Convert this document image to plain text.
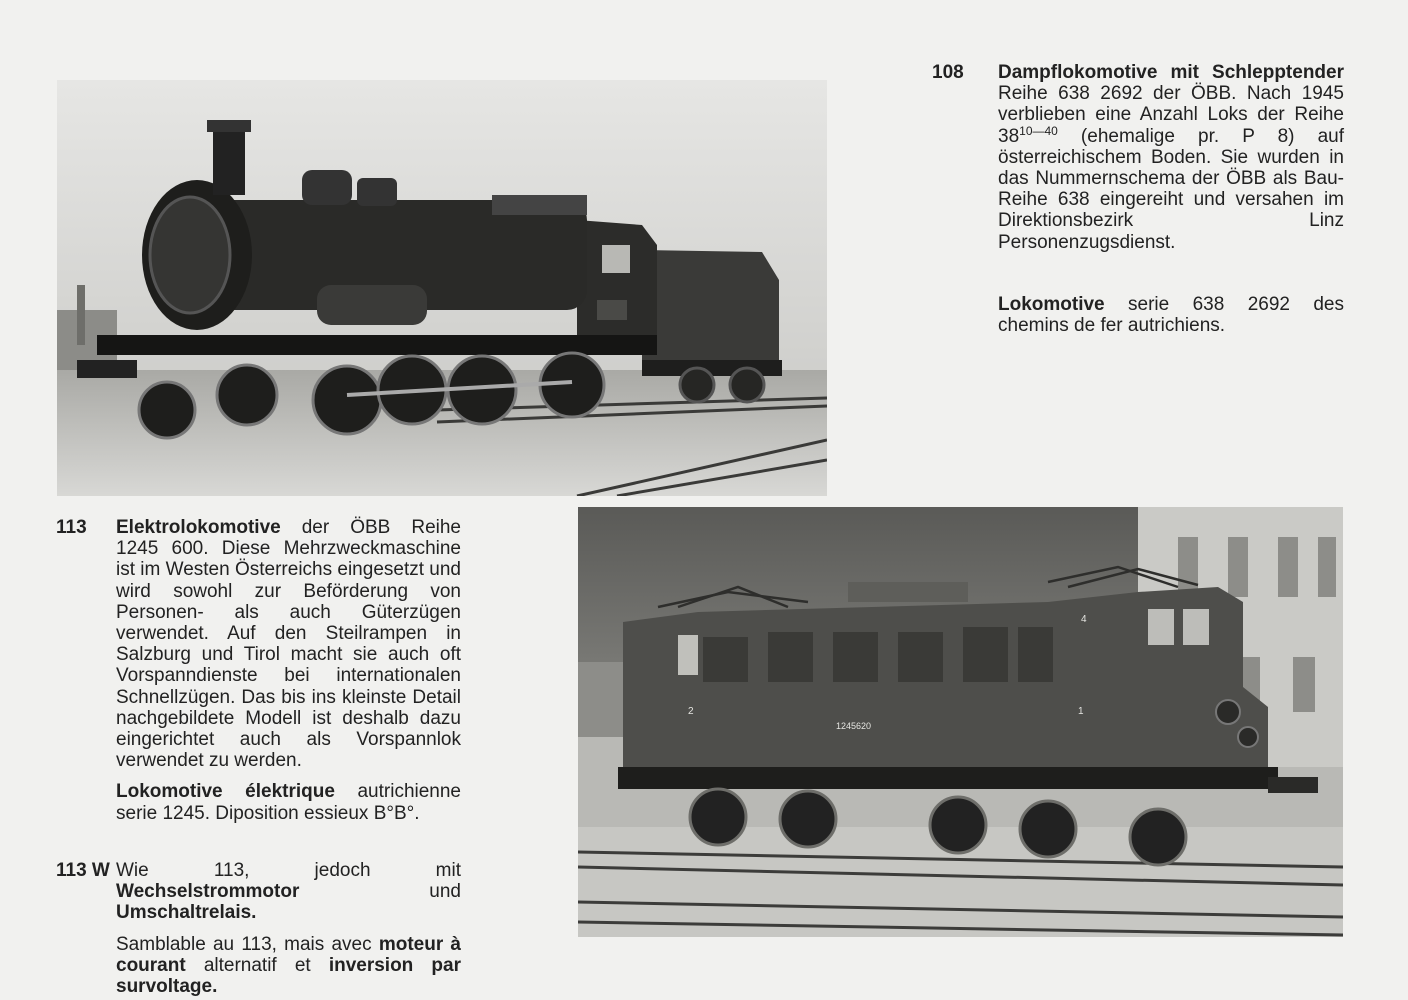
1245620
2	1
4
108 Dampflokomotive mit Schlepptender Reihe 638 2692 der ÖBB. Nach 1945 verblieben eine Anzahl Loks der Reihe $38^{10—40}$ (ehemalige pr. P 8) auf österreichischem Boden. Sie wurden in das Nummernschema der ÖBB als Bau-Reihe 638 eingereiht und versahen im Direktionsbezirk Linz Personenzugsdienst.

Lokomotive serie 638 2692 des chemins de fer autrichiens.

113 Elektrolokomotive der ÖBB Reihe 1245 600. Diese Mehrzweckmaschine ist im Westen Österreichs eingesetzt und wird sowohl zur Beförderung von Personen- als auch Güterzügen verwendet. Auf den Steilrampen in Salzburg und Tirol macht sie auch oft Vorspanndienste bei internationalen Schnellzügen. Das bis ins kleinste Detail nachgebildete Modell ist deshalb dazu eingerichtet auch als Vorspannlok verwendet zu werden.

Lokomotive élektrique autrichienne serie 1245. Diposition essieux B°B°.

113 W Wie 113, jedoch mit Wechselstrommotor und Umschaltrelais.

Samblable au 113, mais avec moteur à courant alternatif et inversion par survoltage.
